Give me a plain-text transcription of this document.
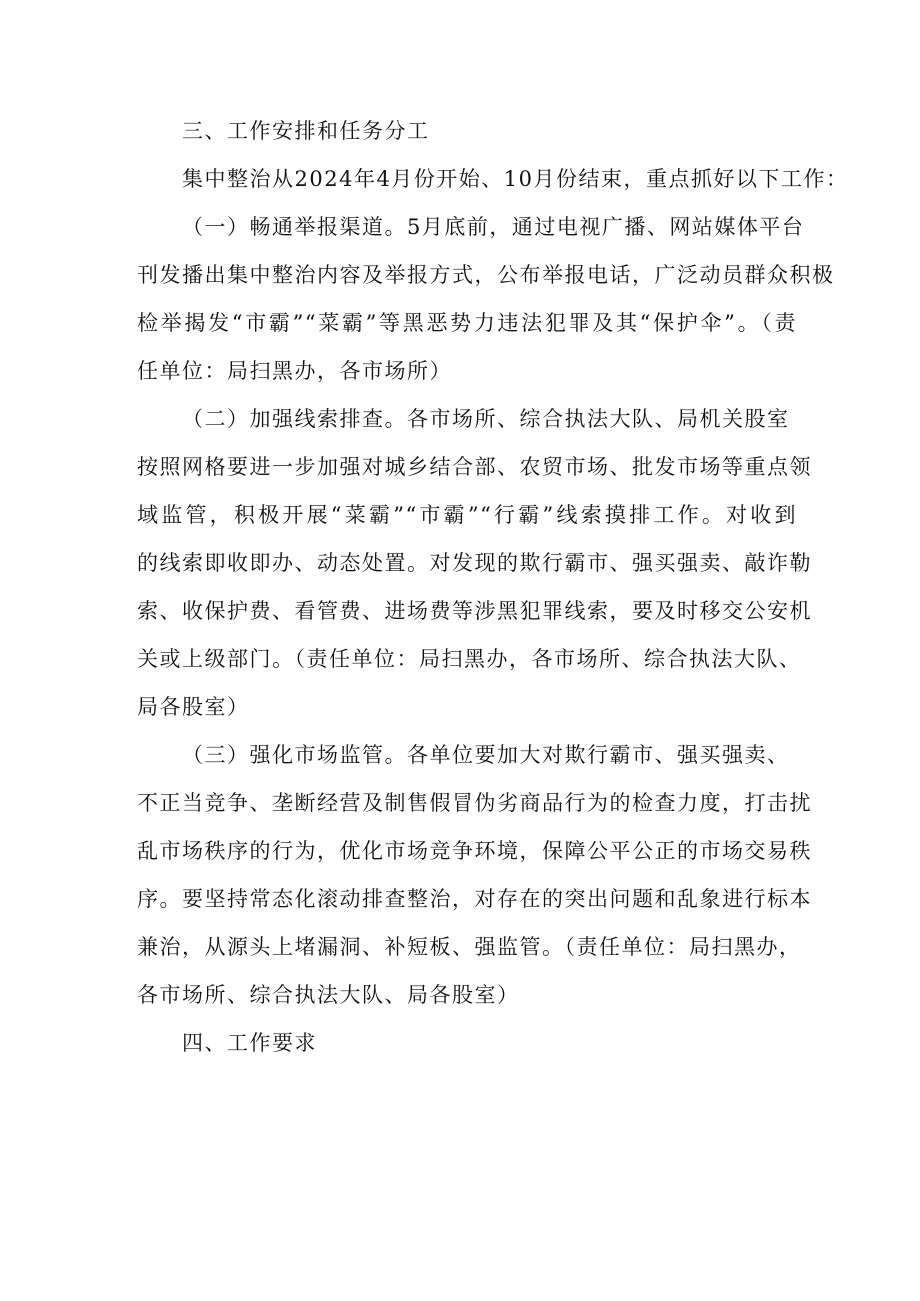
三、工作安排和任务分工
集中整治从2024年4月份开始、10月份结束，重点抓好以下工作：
（一）畅通举报渠道。5月底前，通过电视广播、网站媒体平台
刊发播出集中整治内容及举报方式，公布举报电话，广泛动员群众积极
检举揭发“市霸”“菜霸”等黑恶势力违法犯罪及其“保护伞”。（责
任单位：局扫黑办，各市场所）
（二）加强线索排查。各市场所、综合执法大队、局机关股室
按照网格要进一步加强对城乡结合部、农贸市场、批发市场等重点领
域监管，积极开展“菜霸”“市霸”“行霸”线索摸排工作。对收到
的线索即收即办、动态处置。对发现的欺行霸市、强买强卖、敲诈勒
索、收保护费、看管费、进场费等涉黑犯罪线索，要及时移交公安机
关或上级部门。（责任单位：局扫黑办，各市场所、综合执法大队、
局各股室）
（三）强化市场监管。各单位要加大对欺行霸市、强买强卖、
不正当竞争、垄断经营及制售假冒伪劣商品行为的检查力度，打击扰
乱市场秩序的行为，优化市场竞争环境，保障公平公正的市场交易秩
序。要坚持常态化滚动排查整治，对存在的突出问题和乱象进行标本
兼治，从源头上堵漏洞、补短板、强监管。（责任单位：局扫黑办，
各市场所、综合执法大队、局各股室）
四、工作要求
